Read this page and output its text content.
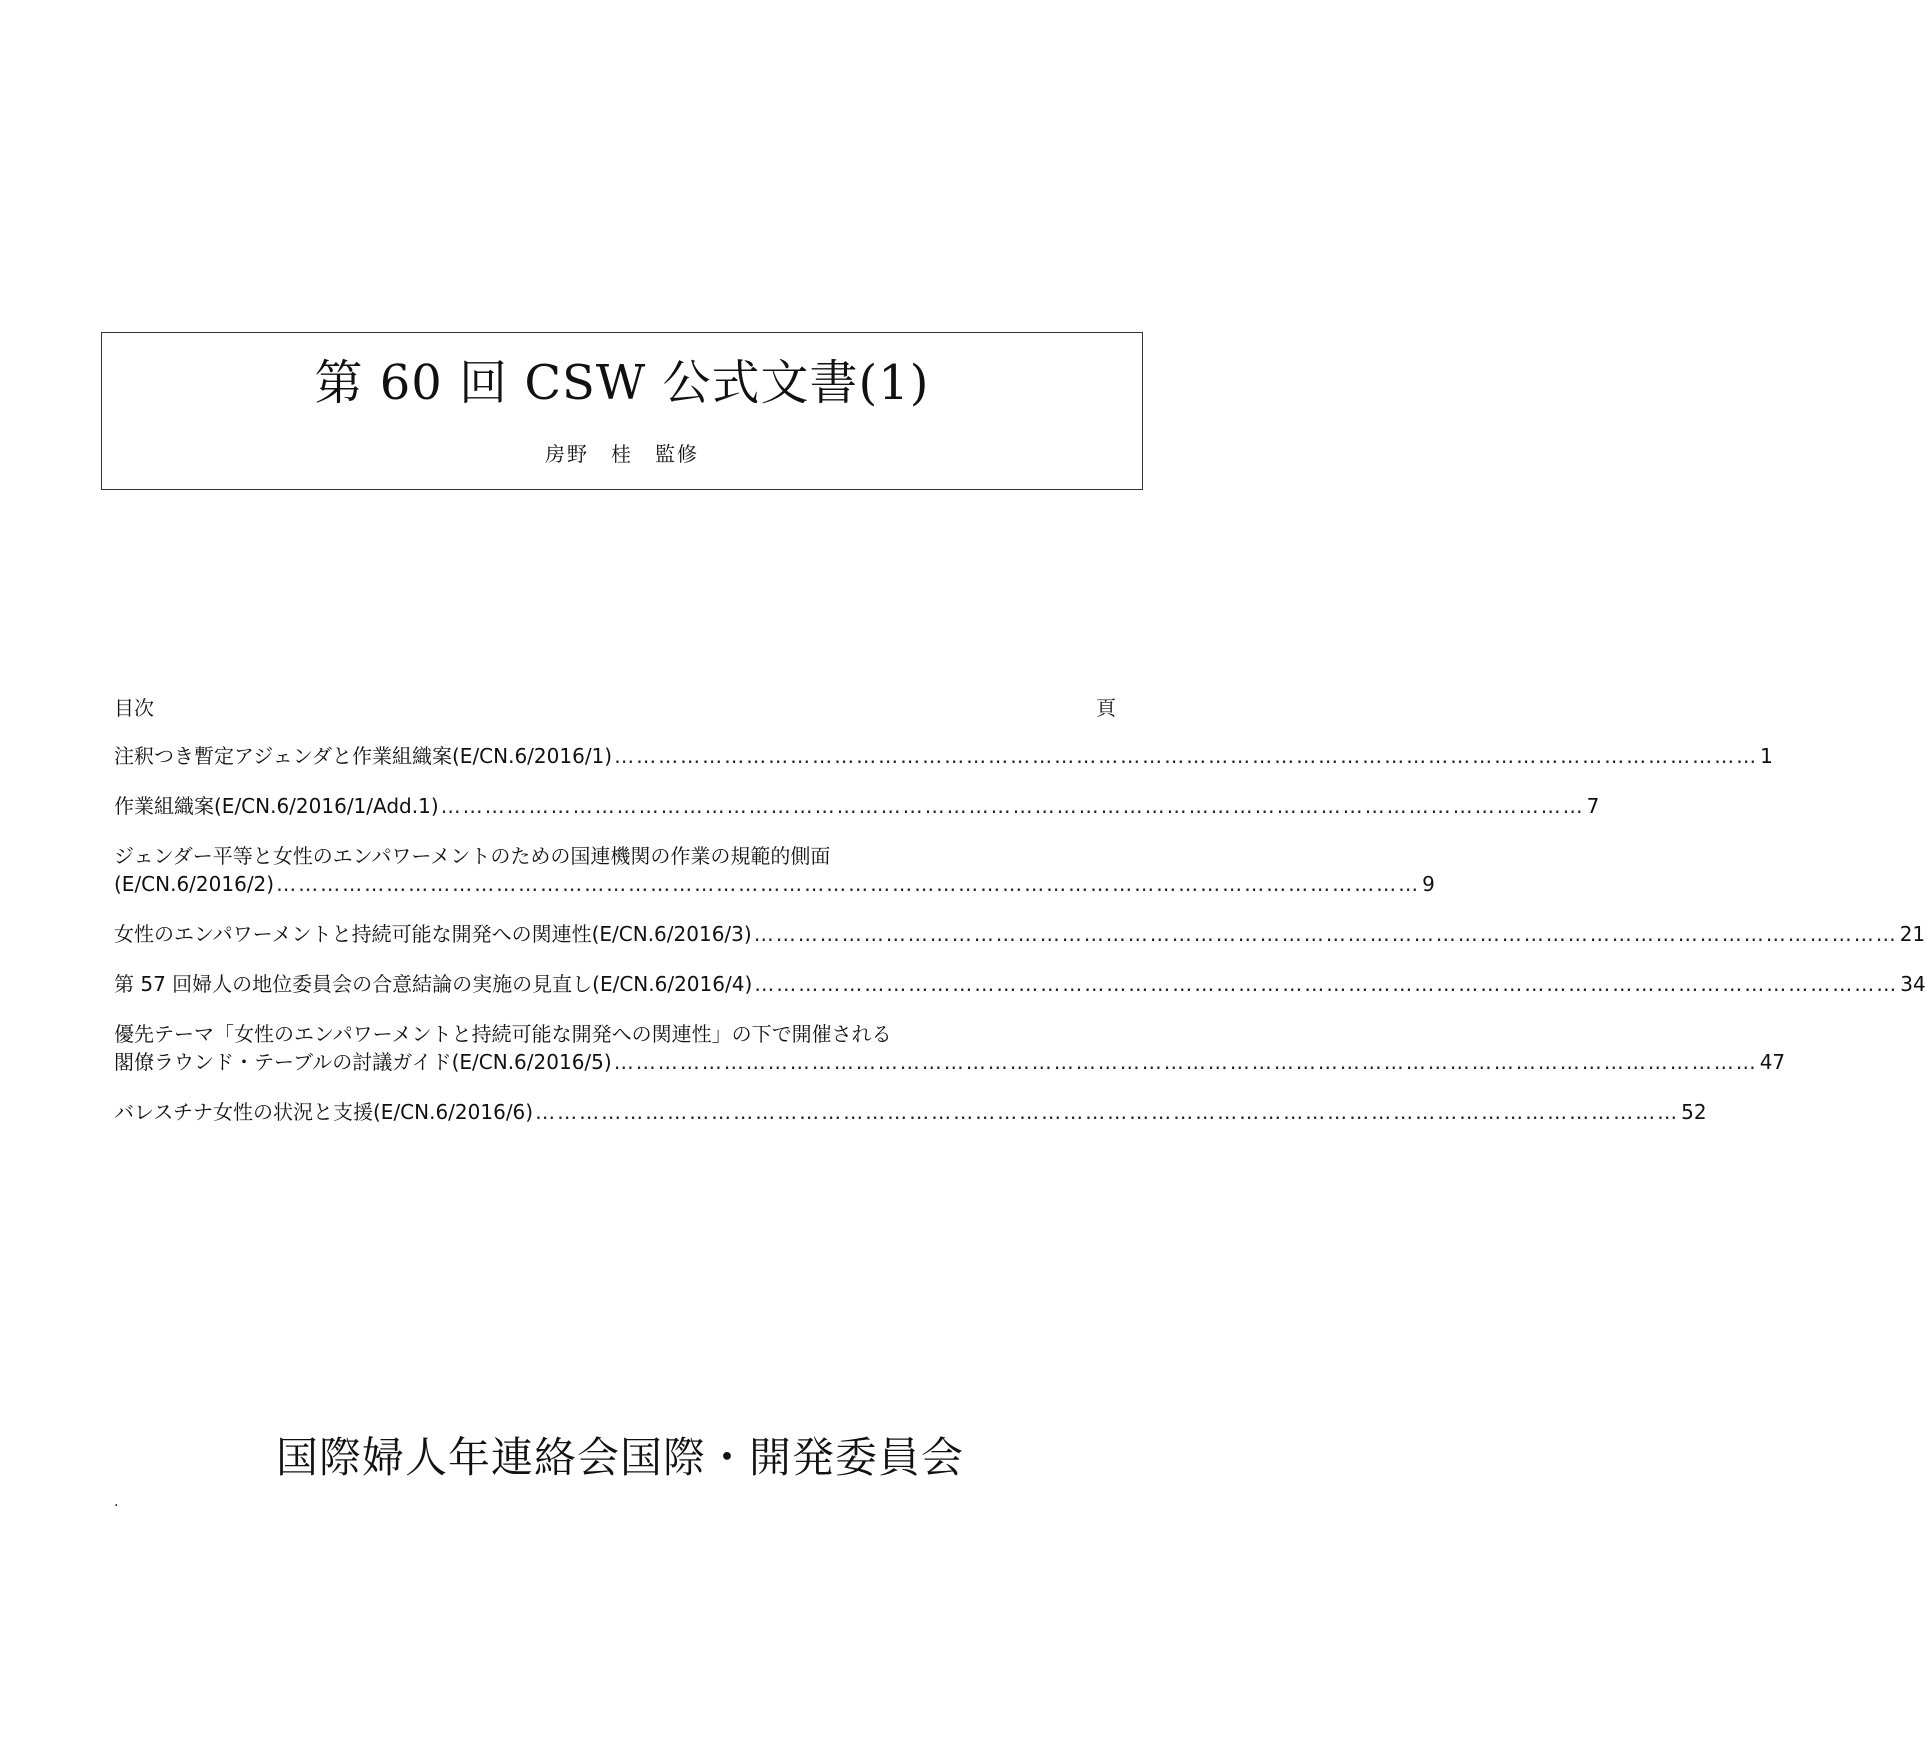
第 60 回 CSW 公式文書(1)
房野　桂　監修
目次	頁
注釈つき暫定アジェンダと作業組織案(E/CN.6/2016/1) ………………………………………………………………………………………………………………………………………… 1
作業組織案(E/CN.6/2016/1/Add.1) ………………………………………………………………………………………………………………………………………… 7
ジェンダー平等と女性のエンパワーメントのための国連機関の作業の規範的側面
(E/CN.6/2016/2) ………………………………………………………………………………………………………………………………………… 9
女性のエンパワーメントと持続可能な開発への関連性(E/CN.6/2016/3) ………………………………………………………………………………………………………………………………………… 21
第 57 回婦人の地位委員会の合意結論の実施の見直し(E/CN.6/2016/4) ………………………………………………………………………………………………………………………………………… 34
優先テーマ「女性のエンパワーメントと持続可能な開発への関連性」の下で開催される
閣僚ラウンド・テーブルの討議ガイド(E/CN.6/2016/5) ………………………………………………………………………………………………………………………………………… 47
バレスチナ女性の状況と支援(E/CN.6/2016/6) ………………………………………………………………………………………………………………………………………… 52
国際婦人年連絡会国際・開発委員会
.
